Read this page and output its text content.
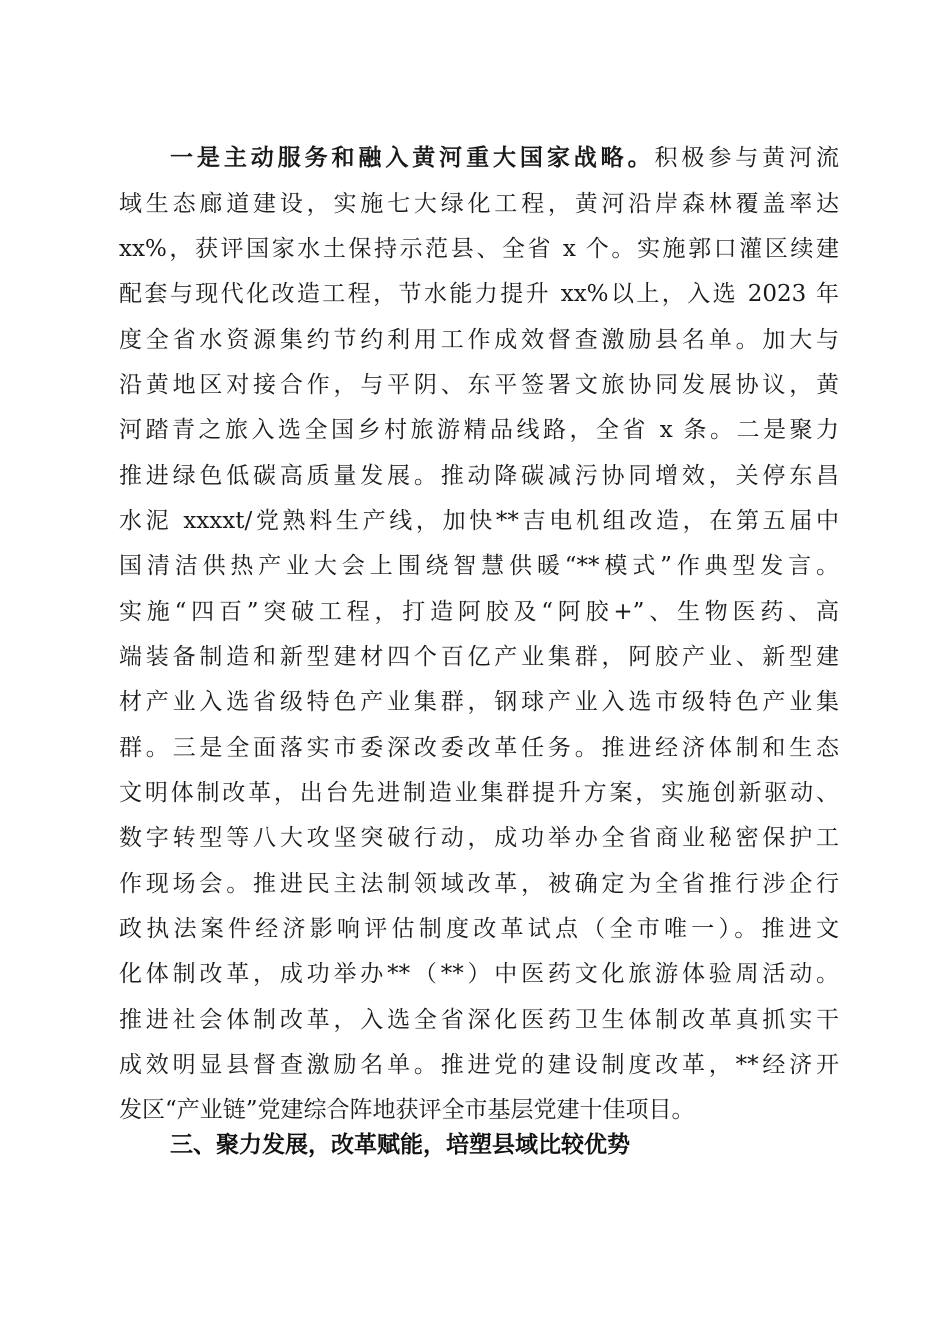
一是主动服务和融入黄河重大国家战略。积极参与黄河流
域生态廊道建设，实施七大绿化工程，黄河沿岸森林覆盖率达
xx%，获评国家水土保持示范县、全省 x 个。实施郭口灌区续建
配套与现代化改造工程，节水能力提升 xx%以上，入选 2023 年
度全省水资源集约节约利用工作成效督查激励县名单。加大与
沿黄地区对接合作，与平阴、东平签署文旅协同发展协议，黄
河踏青之旅入选全国乡村旅游精品线路，全省 x 条。二是聚力
推进绿色低碳高质量发展。推动降碳减污协同增效，关停东昌
水泥 xxxxt/党熟料生产线，加快**吉电机组改造，在第五届中
国清洁供热产业大会上围绕智慧供暖“**模式”作典型发言。
实施“四百”突破工程，打造阿胶及“阿胶+”、生物医药、高
端装备制造和新型建材四个百亿产业集群，阿胶产业、新型建
材产业入选省级特色产业集群，钢球产业入选市级特色产业集
群。三是全面落实市委深改委改革任务。推进经济体制和生态
文明体制改革，出台先进制造业集群提升方案，实施创新驱动、
数字转型等八大攻坚突破行动，成功举办全省商业秘密保护工
作现场会。推进民主法制领域改革，被确定为全省推行涉企行
政执法案件经济影响评估制度改革试点（全市唯一）。推进文
化体制改革，成功举办**（**）中医药文化旅游体验周活动。
推进社会体制改革，入选全省深化医药卫生体制改革真抓实干
成效明显县督查激励名单。推进党的建设制度改革，**经济开
发区“产业链”党建综合阵地获评全市基层党建十佳项目。
三、聚力发展，改革赋能，培塑县域比较优势
